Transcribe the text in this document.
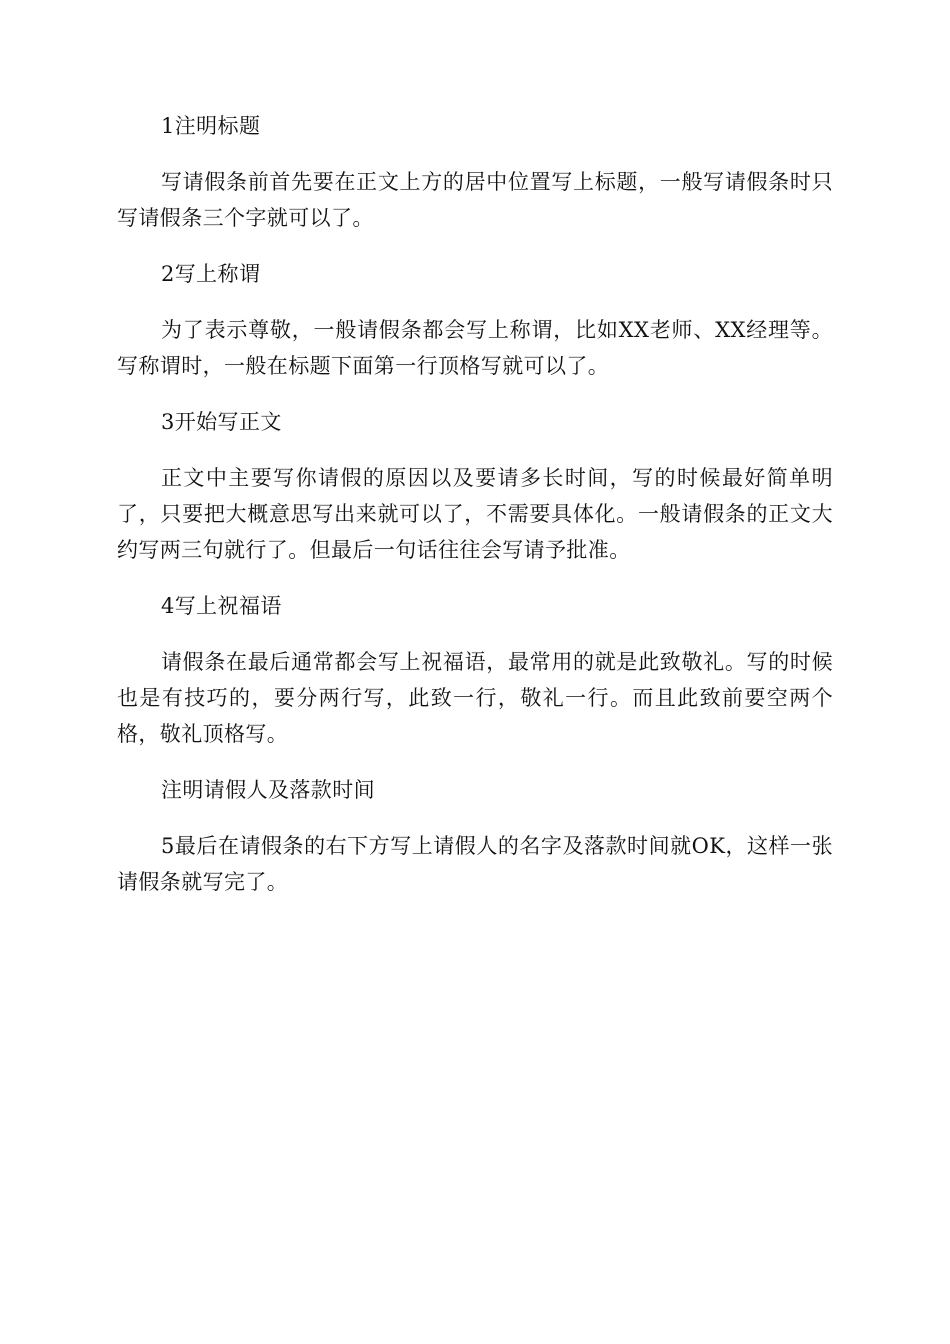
1注明标题

写请假条前首先要在正文上方的居中位置写上标题，一般写请假条时只写请假条三个字就可以了。

2写上称谓

为了表示尊敬，一般请假条都会写上称谓，比如XX老师、XX经理等。写称谓时，一般在标题下面第一行顶格写就可以了。

3开始写正文

正文中主要写你请假的原因以及要请多长时间，写的时候最好简单明了，只要把大概意思写出来就可以了，不需要具体化。一般请假条的正文大约写两三句就行了。但最后一句话往往会写请予批准。

4写上祝福语

请假条在最后通常都会写上祝福语，最常用的就是此致敬礼。写的时候也是有技巧的，要分两行写，此致一行，敬礼一行。而且此致前要空两个格，敬礼顶格写。

注明请假人及落款时间

5最后在请假条的右下方写上请假人的名字及落款时间就OK，这样一张请假条就写完了。
